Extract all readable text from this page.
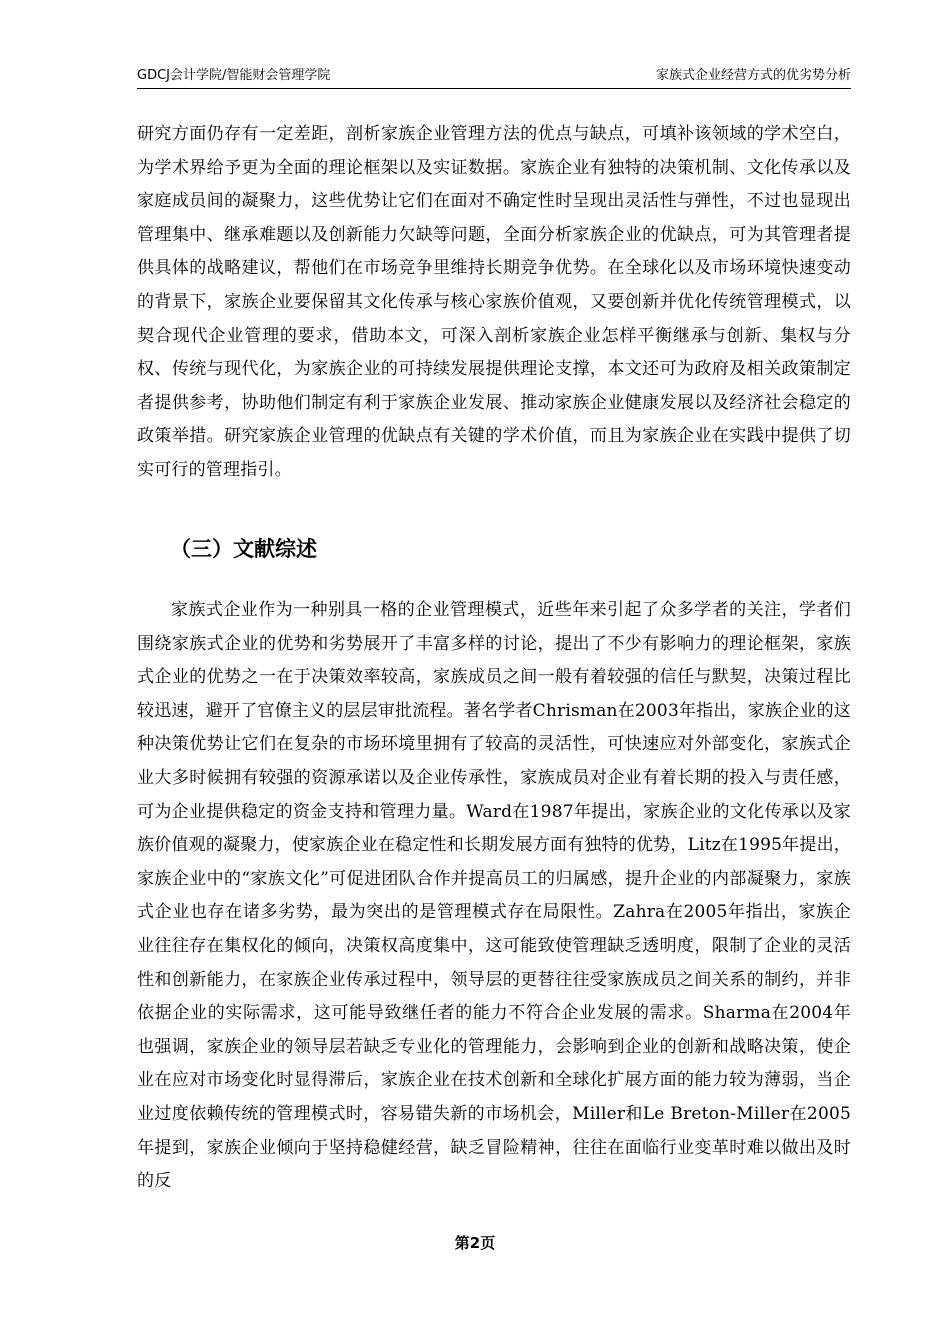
GDCJ会计学院/智能财会管理学院	家族式企业经营方式的优劣势分析
研究方面仍存有一定差距，剖析家族企业管理方法的优点与缺点，可填补该领域的学术空白，为学术界给予更为全面的理论框架以及实证数据。家族企业有独特的决策机制、文化传承以及家庭成员间的凝聚力，这些优势让它们在面对不确定性时呈现出灵活性与弹性，不过也显现出管理集中、继承难题以及创新能力欠缺等问题，全面分析家族企业的优缺点，可为其管理者提供具体的战略建议，帮他们在市场竞争里维持长期竞争优势。在全球化以及市场环境快速变动的背景下，家族企业要保留其文化传承与核心家族价值观，又要创新并优化传统管理模式，以契合现代企业管理的要求，借助本文，可深入剖析家族企业怎样平衡继承与创新、集权与分权、传统与现代化，为家族企业的可持续发展提供理论支撑，本文还可为政府及相关政策制定者提供参考，协助他们制定有利于家族企业发展、推动家族企业健康发展以及经济社会稳定的政策举措。研究家族企业管理的优缺点有关键的学术价值，而且为家族企业在实践中提供了切实可行的管理指引。
（三）文献综述
家族式企业作为一种别具一格的企业管理模式，近些年来引起了众多学者的关注，学者们围绕家族式企业的优势和劣势展开了丰富多样的讨论，提出了不少有影响力的理论框架，家族式企业的优势之一在于决策效率较高，家族成员之间一般有着较强的信任与默契，决策过程比较迅速，避开了官僚主义的层层审批流程。著名学者Chrisman在2003年指出，家族企业的这种决策优势让它们在复杂的市场环境里拥有了较高的灵活性，可快速应对外部变化，家族式企业大多时候拥有较强的资源承诺以及企业传承性，家族成员对企业有着长期的投入与责任感，可为企业提供稳定的资金支持和管理力量。Ward在1987年提出，家族企业的文化传承以及家族价值观的凝聚力，使家族企业在稳定性和长期发展方面有独特的优势，Litz在1995年提出，家族企业中的“家族文化”可促进团队合作并提高员工的归属感，提升企业的内部凝聚力，家族式企业也存在诸多劣势，最为突出的是管理模式存在局限性。Zahra在2005年指出，家族企业往往存在集权化的倾向，决策权高度集中，这可能致使管理缺乏透明度，限制了企业的灵活性和创新能力，在家族企业传承过程中，领导层的更替往往受家族成员之间关系的制约，并非依据企业的实际需求，这可能导致继任者的能力不符合企业发展的需求。Sharma在2004年也强调，家族企业的领导层若缺乏专业化的管理能力，会影响到企业的创新和战略决策，使企业在应对市场变化时显得滞后，家族企业在技术创新和全球化扩展方面的能力较为薄弱，当企业过度依赖传统的管理模式时，容易错失新的市场机会，Miller和Le Breton-Miller在2005年提到，家族企业倾向于坚持稳健经营，缺乏冒险精神，往往在面临行业变革时难以做出及时的反
第2页
